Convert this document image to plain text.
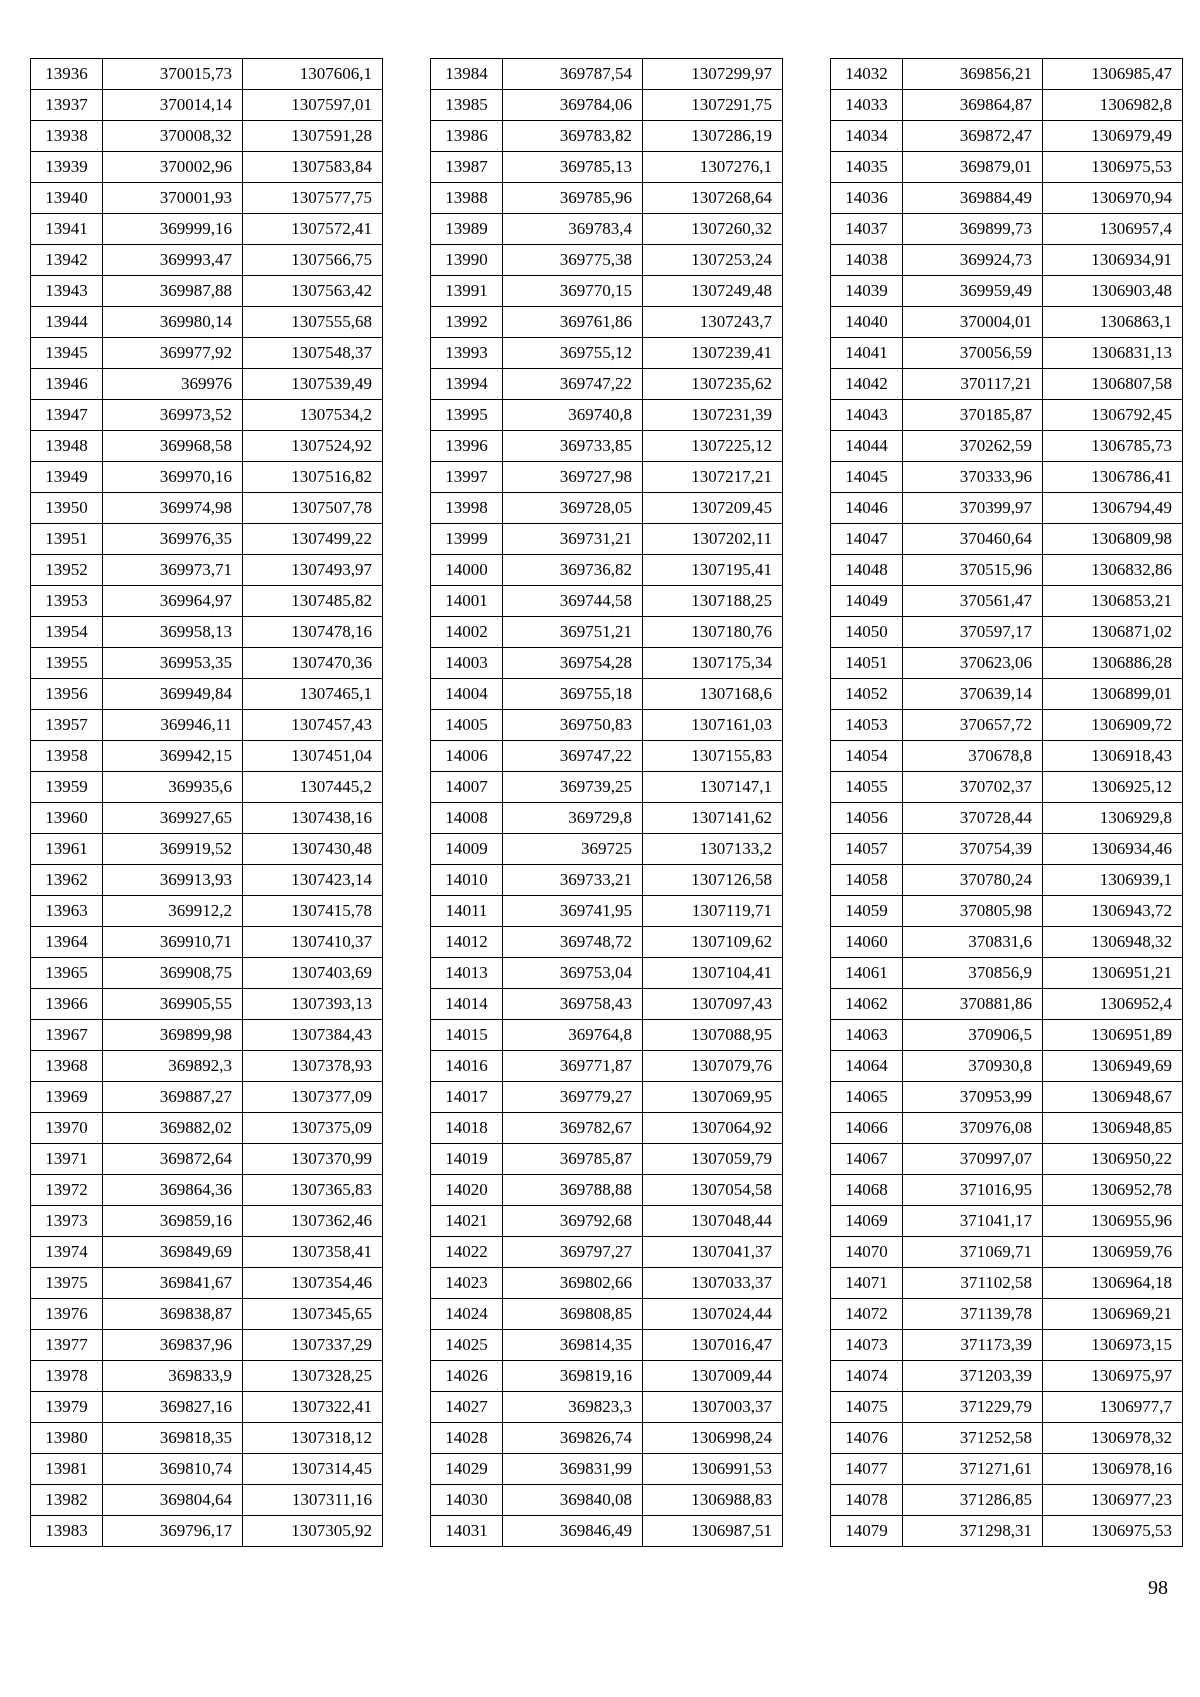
13936	370015,73	1307606,1
13937	370014,14	1307597,01
13938	370008,32	1307591,28
13939	370002,96	1307583,84
13940	370001,93	1307577,75
13941	369999,16	1307572,41
13942	369993,47	1307566,75
13943	369987,88	1307563,42
13944	369980,14	1307555,68
13945	369977,92	1307548,37
13946	369976	1307539,49
13947	369973,52	1307534,2
13948	369968,58	1307524,92
13949	369970,16	1307516,82
13950	369974,98	1307507,78
13951	369976,35	1307499,22
13952	369973,71	1307493,97
13953	369964,97	1307485,82
13954	369958,13	1307478,16
13955	369953,35	1307470,36
13956	369949,84	1307465,1
13957	369946,11	1307457,43
13958	369942,15	1307451,04
13959	369935,6	1307445,2
13960	369927,65	1307438,16
13961	369919,52	1307430,48
13962	369913,93	1307423,14
13963	369912,2	1307415,78
13964	369910,71	1307410,37
13965	369908,75	1307403,69
13966	369905,55	1307393,13
13967	369899,98	1307384,43
13968	369892,3	1307378,93
13969	369887,27	1307377,09
13970	369882,02	1307375,09
13971	369872,64	1307370,99
13972	369864,36	1307365,83
13973	369859,16	1307362,46
13974	369849,69	1307358,41
13975	369841,67	1307354,46
13976	369838,87	1307345,65
13977	369837,96	1307337,29
13978	369833,9	1307328,25
13979	369827,16	1307322,41
13980	369818,35	1307318,12
13981	369810,74	1307314,45
13982	369804,64	1307311,16
13983	369796,17	1307305,92
13984	369787,54	1307299,97
13985	369784,06	1307291,75
13986	369783,82	1307286,19
13987	369785,13	1307276,1
13988	369785,96	1307268,64
13989	369783,4	1307260,32
13990	369775,38	1307253,24
13991	369770,15	1307249,48
13992	369761,86	1307243,7
13993	369755,12	1307239,41
13994	369747,22	1307235,62
13995	369740,8	1307231,39
13996	369733,85	1307225,12
13997	369727,98	1307217,21
13998	369728,05	1307209,45
13999	369731,21	1307202,11
14000	369736,82	1307195,41
14001	369744,58	1307188,25
14002	369751,21	1307180,76
14003	369754,28	1307175,34
14004	369755,18	1307168,6
14005	369750,83	1307161,03
14006	369747,22	1307155,83
14007	369739,25	1307147,1
14008	369729,8	1307141,62
14009	369725	1307133,2
14010	369733,21	1307126,58
14011	369741,95	1307119,71
14012	369748,72	1307109,62
14013	369753,04	1307104,41
14014	369758,43	1307097,43
14015	369764,8	1307088,95
14016	369771,87	1307079,76
14017	369779,27	1307069,95
14018	369782,67	1307064,92
14019	369785,87	1307059,79
14020	369788,88	1307054,58
14021	369792,68	1307048,44
14022	369797,27	1307041,37
14023	369802,66	1307033,37
14024	369808,85	1307024,44
14025	369814,35	1307016,47
14026	369819,16	1307009,44
14027	369823,3	1307003,37
14028	369826,74	1306998,24
14029	369831,99	1306991,53
14030	369840,08	1306988,83
14031	369846,49	1306987,51
14032	369856,21	1306985,47
14033	369864,87	1306982,8
14034	369872,47	1306979,49
14035	369879,01	1306975,53
14036	369884,49	1306970,94
14037	369899,73	1306957,4
14038	369924,73	1306934,91
14039	369959,49	1306903,48
14040	370004,01	1306863,1
14041	370056,59	1306831,13
14042	370117,21	1306807,58
14043	370185,87	1306792,45
14044	370262,59	1306785,73
14045	370333,96	1306786,41
14046	370399,97	1306794,49
14047	370460,64	1306809,98
14048	370515,96	1306832,86
14049	370561,47	1306853,21
14050	370597,17	1306871,02
14051	370623,06	1306886,28
14052	370639,14	1306899,01
14053	370657,72	1306909,72
14054	370678,8	1306918,43
14055	370702,37	1306925,12
14056	370728,44	1306929,8
14057	370754,39	1306934,46
14058	370780,24	1306939,1
14059	370805,98	1306943,72
14060	370831,6	1306948,32
14061	370856,9	1306951,21
14062	370881,86	1306952,4
14063	370906,5	1306951,89
14064	370930,8	1306949,69
14065	370953,99	1306948,67
14066	370976,08	1306948,85
14067	370997,07	1306950,22
14068	371016,95	1306952,78
14069	371041,17	1306955,96
14070	371069,71	1306959,76
14071	371102,58	1306964,18
14072	371139,78	1306969,21
14073	371173,39	1306973,15
14074	371203,39	1306975,97
14075	371229,79	1306977,7
14076	371252,58	1306978,32
14077	371271,61	1306978,16
14078	371286,85	1306977,23
14079	371298,31	1306975,53
98
